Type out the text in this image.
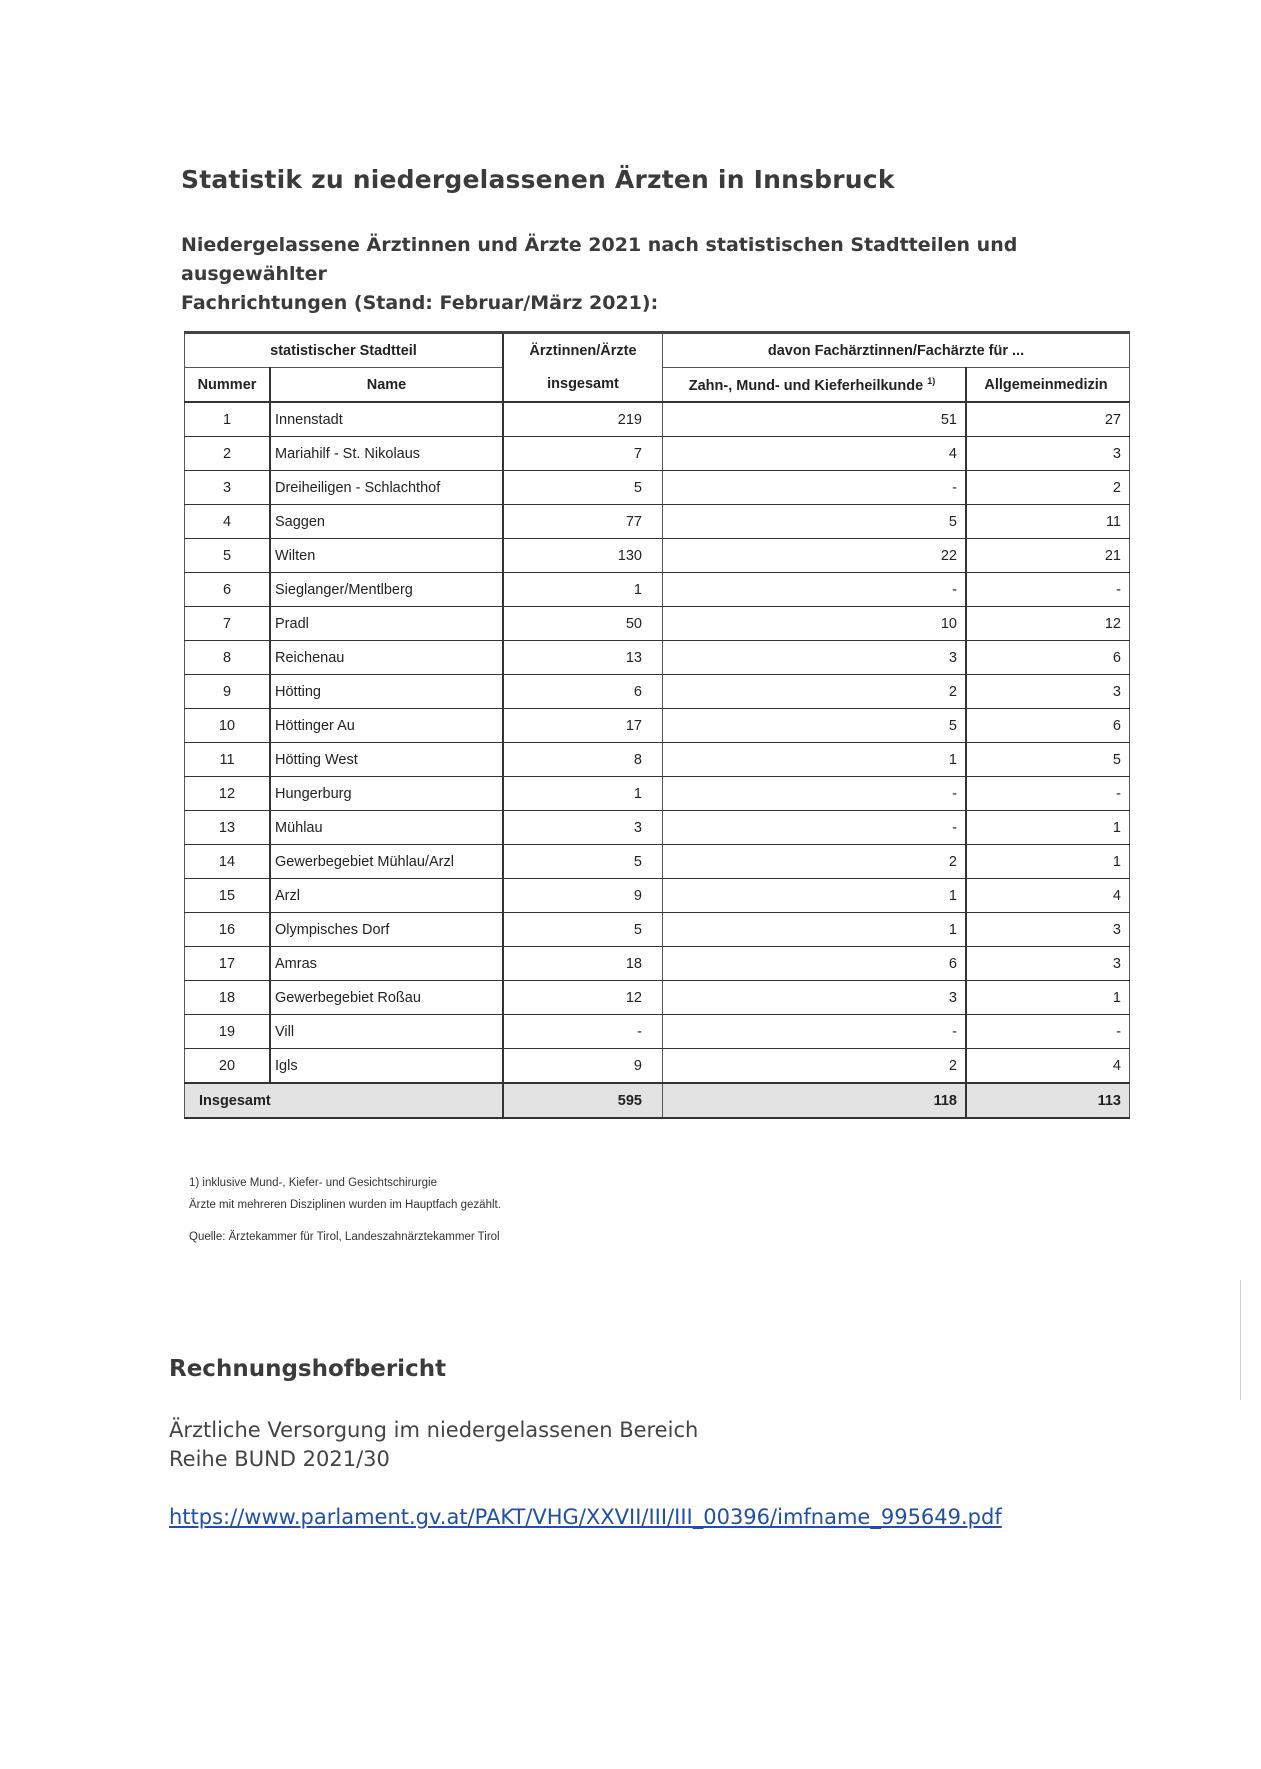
Statistik zu niedergelassenen Ärzten in Innsbruck
Niedergelassene Ärztinnen und Ärzte 2021 nach statistischen Stadtteilen und ausgewählter
Fachrichtungen (Stand: Februar/März 2021):
statistischer Stadtteil		Ärztinnen/Ärzte	davon Fachärztinnen/Fachärzte für ...	
Nummer	Name	insgesamt	Zahn-, Mund- und Kieferheilkunde $^{1)}$	Allgemeinmedizin
1	Innenstadt	219	51	27
2	Mariahilf - St. Nikolaus	7	4	3
3	Dreiheiligen - Schlachthof	5	-	2
4	Saggen	77	5	11
5	Wilten	130	22	21
6	Sieglanger/Mentlberg	1	-	-
7	Pradl	50	10	12
8	Reichenau	13	3	6
9	Hötting	6	2	3
10	Höttinger Au	17	5	6
11	Hötting West	8	1	5
12	Hungerburg	1	-	-
13	Mühlau	3	-	1
14	Gewerbegebiet Mühlau/Arzl	5	2	1
15	Arzl	9	1	4
16	Olympisches Dorf	5	1	3
17	Amras	18	6	3
18	Gewerbegebiet Roßau	12	3	1
19	Vill	-	-	-
20	Igls	9	2	4
Insgesamt		595	118	113
1) inklusive Mund-, Kiefer- und Gesichtschirurgie
Ärzte mit mehreren Disziplinen wurden im Hauptfach gezählt.
Quelle: Ärztekammer für Tirol, Landeszahnärztekammer Tirol
Rechnungshofbericht
Ärztliche Versorgung im niedergelassenen Bereich
Reihe BUND 2021/30
https://www.parlament.gv.at/PAKT/VHG/XXVII/III/III_00396/imfname_995649.pdf
